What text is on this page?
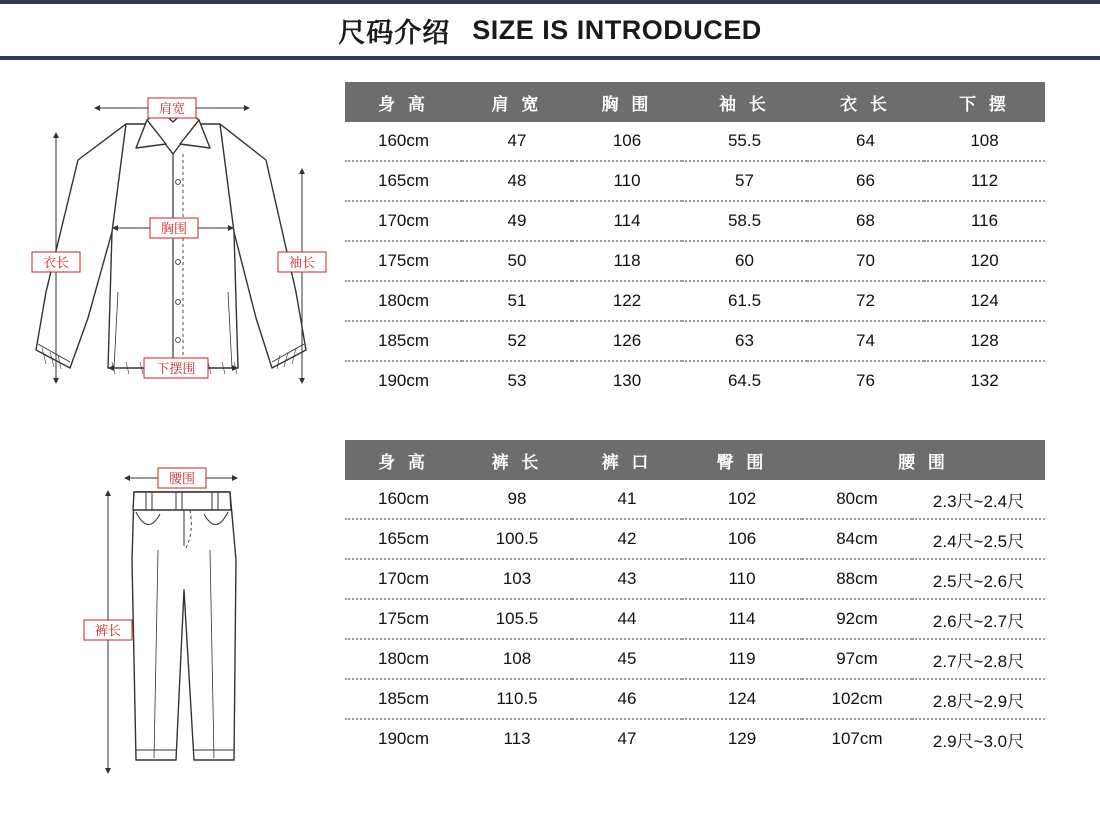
尺码介绍 SIZE IS INTRODUCED
肩宽
胸围
下摆围
衣长	袖长
身 高	肩 宽	胸 围	袖 长	衣 长	下 摆
160cm	47	106	55.5	64	108
165cm	48	110	57	66	112
170cm	49	114	58.5	68	116
175cm	50	118	60	70	120
180cm	51	122	61.5	72	124
185cm	52	126	63	74	128
190cm	53	130	64.5	76	132
腰围
裤长
身 高	裤 长	裤 口	臀 围	腰 围	
160cm	98	41	102	80cm	2.3尺~2.4尺
165cm	100.5	42	106	84cm	2.4尺~2.5尺
170cm	103	43	110	88cm	2.5尺~2.6尺
175cm	105.5	44	114	92cm	2.6尺~2.7尺
180cm	108	45	119	97cm	2.7尺~2.8尺
185cm	110.5	46	124	102cm	2.8尺~2.9尺
190cm	113	47	129	107cm	2.9尺~3.0尺
